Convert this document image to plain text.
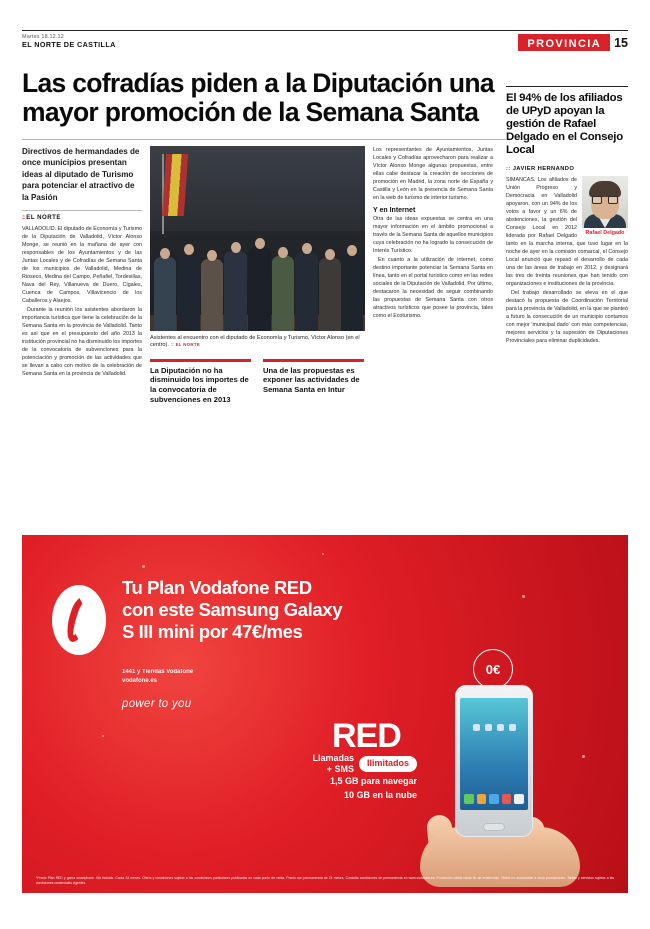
Martes 18.12.12
EL NORTE DE CASTILLA	PROVINCIA	15
Las cofradías piden a la Diputación una mayor promoción de la Semana Santa
Directivos de hermandades de once municipios presentan ideas al diputado de Turismo para potenciar el atractivo de la Pasión
:: EL NORTE

VALLADOLID. El diputado de Economía y Turismo de la Diputación de Valladolid, Víctor Alonso Monge, se reunió en la mañana de ayer con responsables de los Ayuntamientos y de las Juntas Locales y de Cofradías de Semana Santa de los municipios de Valladolid, Medina de Rioseco, Medina del Campo, Peñafiel, Tordesillas, Nava del Rey, Villanueva de Duero, Cigales, Cuenca de Campos, Villavicencio de los Caballeros y Alaejos.

Durante la reunión los asistentes abordaron la importancia turística que tiene la celebración de la Semana Santa en la provincia de Valladolid. Tanto es así que en el presupuesto del año 2013 la institución provincial no ha disminuido los importes de la convocatoria de subvenciones para la potenciación y promoción de las actividades que se llevan a cabo con motivo de la celebración de Semana Santa en la provincia de Valladolid.

Asistentes al encuentro con el diputado de Economía y Turismo, Víctor Alonso (en el centro). :: EL NORTE
La Diputación no ha disminuido los importes de la convocatoria de subvenciones en 2013
Una de las propuestas es exponer las actividades de Semana Santa en Intur

Los representantes de Ayuntamientos, Juntas Locales y Cofradías aprovecharon para realizar a Víctor Alonso Monge algunas propuestas, entre ellas cabe destacar la creación de secciones de promoción en Madrid, la zona norte de España y Castilla y León en la presencia de Semana Santa en la web de turismo de interior turismo.

Y en Internet

Otra de las ideas expuestas se centra en una mayor información en el ámbito promocional a través de la Semana Santa de aquellos municipios cuya celebración no ha logrado la consecución de Interés Turístico.

En cuanto a la utilización de internet, como destino importante potenciar la Semana Santa en línea, tanto en el portal turístico como en las redes sociales de la Diputación de Valladolid. Por último, destacaron la necesidad de seguir combinando las propuestas de Semana Santa con otros atractivos turísticos que posee la provincia, tales como el Ecoturismo.

El 94% de los afiliados de UPyD apoyan la gestión de Rafael Delgado en el Consejo Local
:: JAVIER HERNANDO
Rafael Delgado

SIMANCAS. Los afiliados de Unión Progreso y Democracia en Valladolid apoyaron, con un 94% de los votos a favor y un 6% de abstenciones, la gestión del Consejo Local en 2012 liderada por Rafael Delgado tanto en la marcha interna, que tuvo lugar en la noche de ayer en la comisión comarcal, el Consejo Local anunció que repasó el desarrollo de cada una de las áreas de trabajo en 2012, y designará las tres de treinta reuniones que han tenido con organizaciones e instituciones de la provincia.

Del trabajo desarrollado se eleva en el que destacó la propuesta de Coordinación Territorial para la provincia de Valladolid, en la que se planteó a futuro la consecución de un municipio contamos con mejor 'municipal dado' con más competencias, mejores servicios y la supresión de Diputaciones Provinciales para eliminar duplicidades.

Tu Plan Vodafone RED
con este Samsung Galaxy
S III mini por 47€/mes
1441 y Tiendas Vodafone
vodafone.es
power to you
RED
Llamadas
+ SMS
Ilimitados
1,5 GB para navegar
10 GB en la nube
0€
*Precio Plan RED y gama smartphone. IVA incluido. Cuota 24 meses. Oferta y condiciones sujetas a las condiciones particulares publicadas en cada punto de venta. Precio con permanencia de 24 meses. Consulta condiciones de permanencia en www.vodafone.es. Promoción válida hasta fin de existencias. Oferta no acumulable a otras promociones. Tarifas y servicios sujetos a las condiciones comerciales vigentes.
